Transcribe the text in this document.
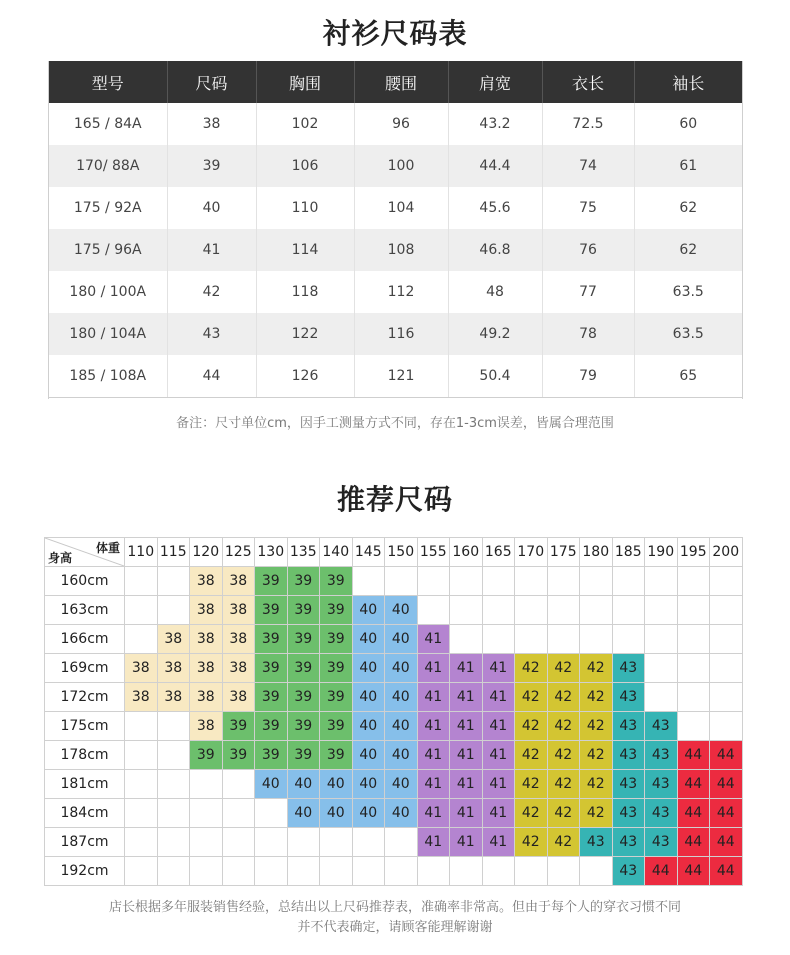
衬衫尺码表
型号	尺码	胸围	腰围	肩宽	衣长	袖长
165 / 84A	38	102	96	43.2	72.5	60
170/ 88A	39	106	100	44.4	74	61
175 / 92A	40	110	104	45.6	75	62
175 / 96A	41	114	108	46.8	76	62
180 / 100A	42	118	112	48	77	63.5
180 / 104A	43	122	116	49.2	78	63.5
185 / 108A	44	126	121	50.4	79	65
备注：尺寸单位cm，因手工测量方式不同，存在1-3cm误差，皆属合理范围
推荐尺码
体重
身高	110	115	120	125	130	135	140	145	150	155	160	165	170	175	180	185	190	195	200
160cm			38	38	39	39	39												
163cm			38	38	39	39	39	40	40										
166cm		38	38	38	39	39	39	40	40	41									
169cm	38	38	38	38	39	39	39	40	40	41	41	41	42	42	42	43			
172cm	38	38	38	38	39	39	39	40	40	41	41	41	42	42	42	43			
175cm			38	39	39	39	39	40	40	41	41	41	42	42	42	43	43		
178cm			39	39	39	39	39	40	40	41	41	41	42	42	42	43	43	44	44
181cm					40	40	40	40	40	41	41	41	42	42	42	43	43	44	44
184cm						40	40	40	40	41	41	41	42	42	42	43	43	44	44
187cm										41	41	41	42	42	43	43	43	44	44
192cm																43	44	44	44
店长根据多年服装销售经验，总结出以上尺码推荐表，准确率非常高。但由于每个人的穿衣习惯不同
并不代表确定，请顾客能理解谢谢
